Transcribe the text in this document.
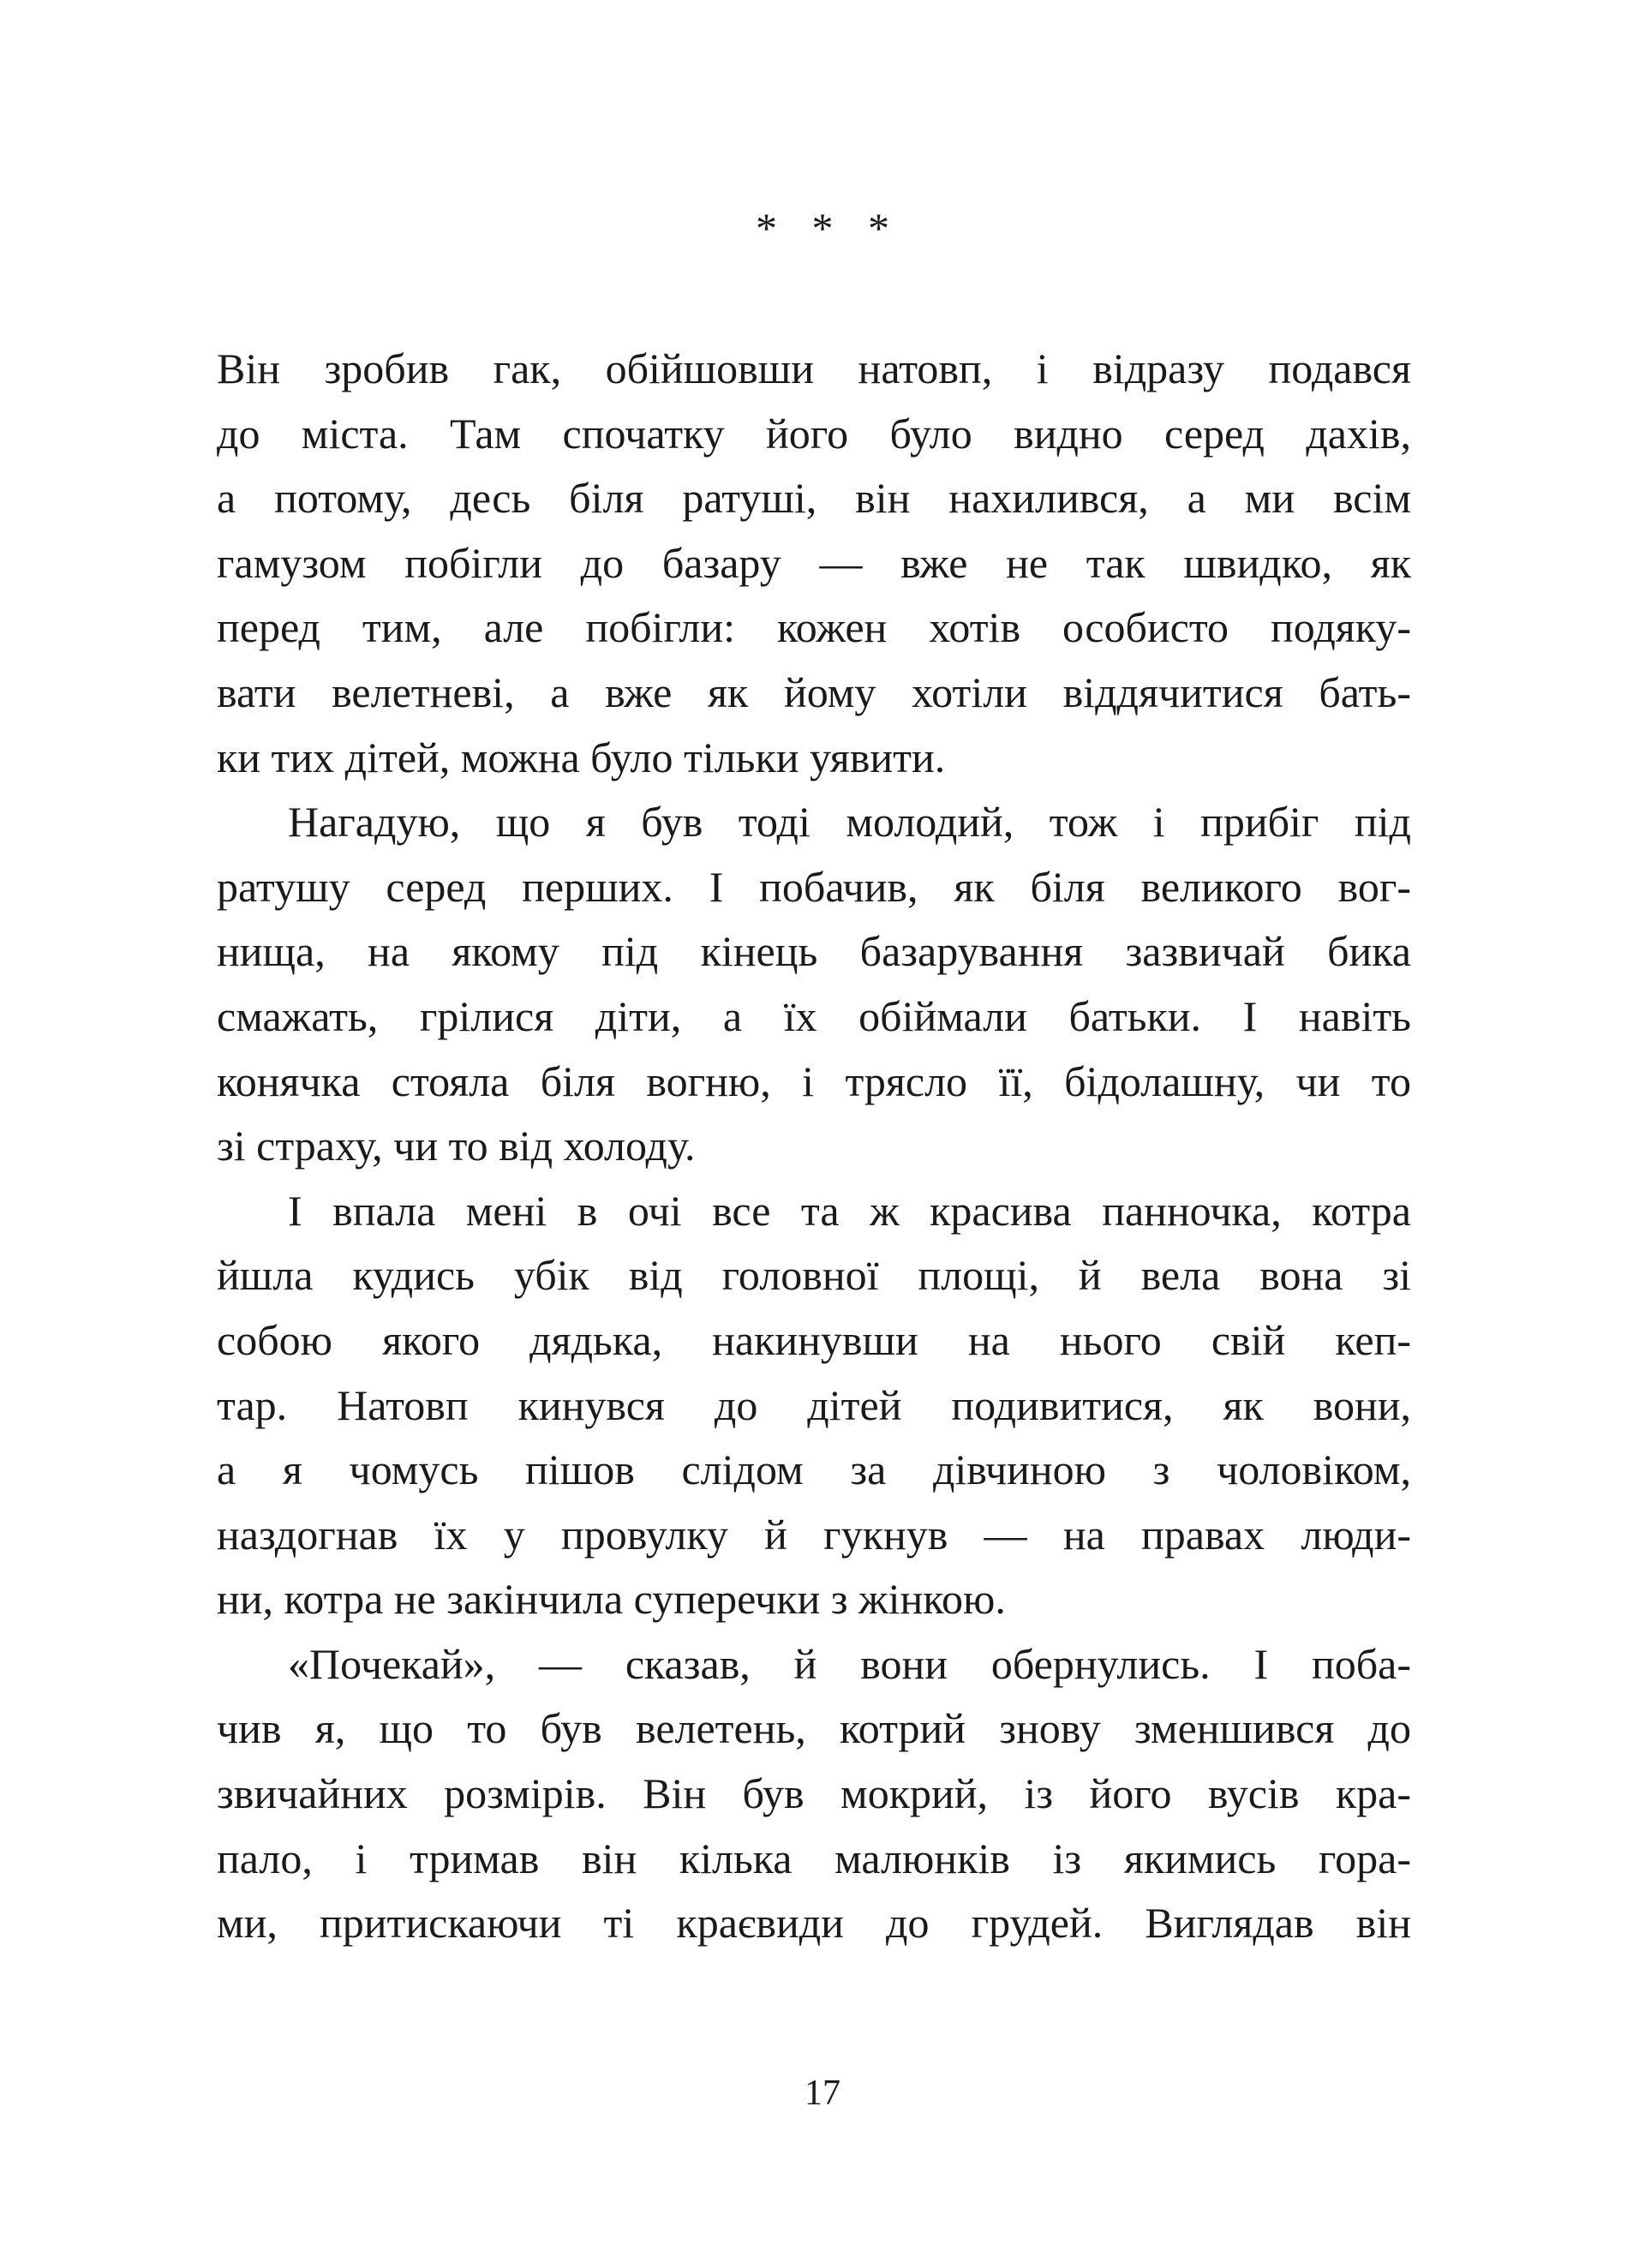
* * *
Він зробив гак, обійшовши натовп, і відразу подався
до міста. Там спочатку його було видно серед дахів,
а потому, десь біля ратуші, він нахилився, а ми всім
гамузом побігли до базару — вже не так швидко, як
перед тим, але побігли: кожен хотів особисто подяку-
вати велетневі, а вже як йому хотіли віддячитися бать-
ки тих дітей, можна було тільки уявити.
Нагадую, що я був тоді молодий, тож і прибіг під
ратушу серед перших. І побачив, як біля великого вог-
нища, на якому під кінець базарування зазвичай бика
смажать, грілися діти, а їх обіймали батьки. І навіть
конячка стояла біля вогню, і трясло її, бідолашну, чи то
зі страху, чи то від холоду.
І впала мені в очі все та ж красива панночка, котра
йшла кудись убік від головної площі, й вела вона зі
собою якого дядька, накинувши на нього свій кеп-
тар. Натовп кинувся до дітей подивитися, як вони,
а я чомусь пішов слідом за дівчиною з чоловіком,
наздогнав їх у провулку й гукнув — на правах люди-
ни, котра не закінчила суперечки з жінкою.
«Почекай», — сказав, й вони обернулись. І поба-
чив я, що то був велетень, котрий знову зменшився до
звичайних розмірів. Він був мокрий, із його вусів кра-
пало, і тримав він кілька малюнків із якимись гора-
ми, притискаючи ті краєвиди до грудей. Виглядав він
17
